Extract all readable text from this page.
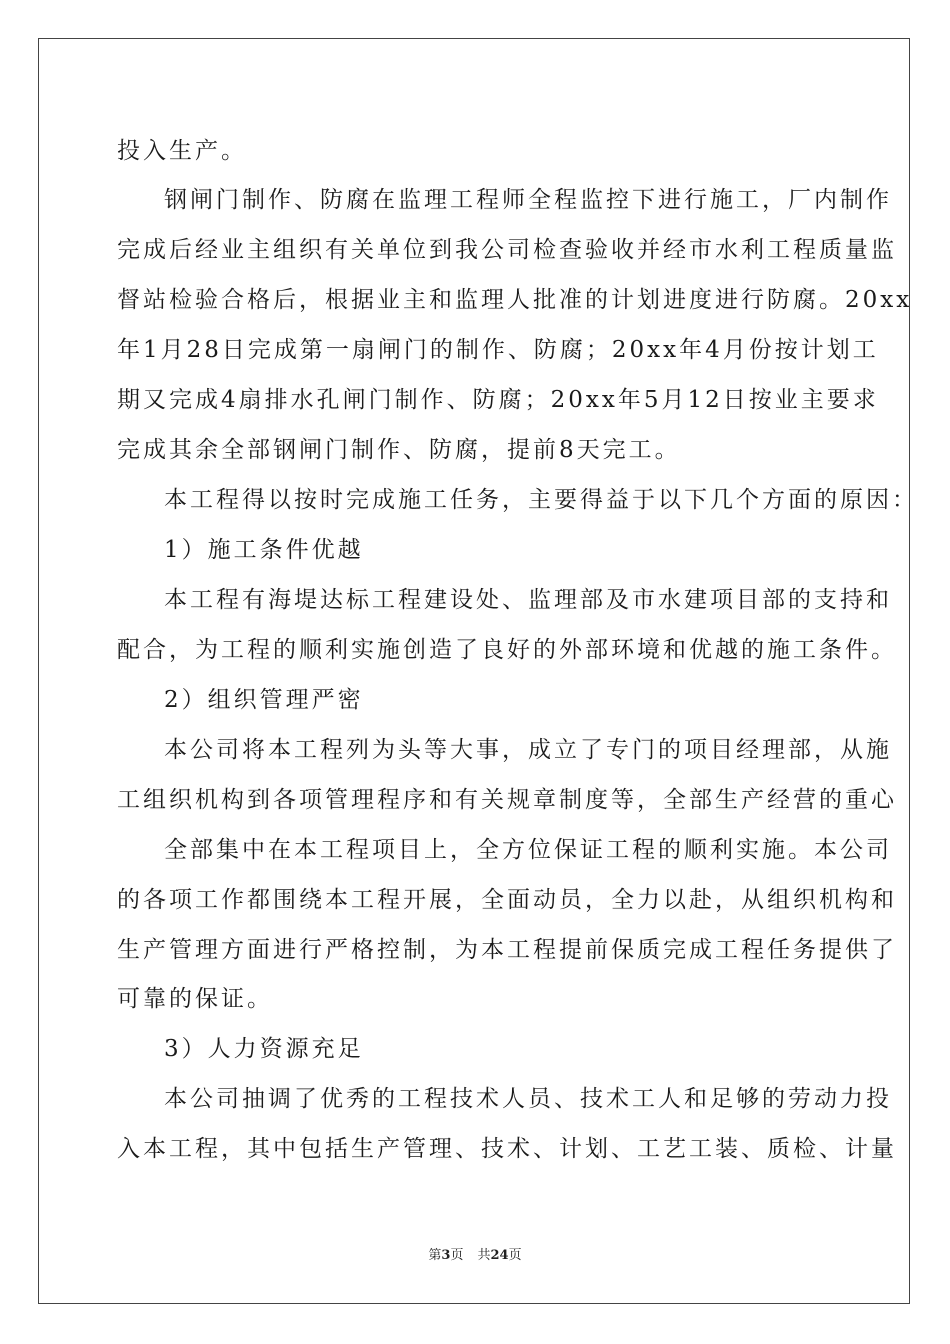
投入生产。
钢闸门制作、防腐在监理工程师全程监控下进行施工，厂内制作
完成后经业主组织有关单位到我公司检查验收并经市水利工程质量监
督站检验合格后，根据业主和监理人批准的计划进度进行防腐。20xx
年1月28日完成第一扇闸门的制作、防腐；20xx年4月份按计划工
期又完成4扇排水孔闸门制作、防腐；20xx年5月12日按业主要求
完成其余全部钢闸门制作、防腐，提前8天完工。
本工程得以按时完成施工任务，主要得益于以下几个方面的原因：
1）施工条件优越
本工程有海堤达标工程建设处、监理部及市水建项目部的支持和
配合，为工程的顺利实施创造了良好的外部环境和优越的施工条件。
2）组织管理严密
本公司将本工程列为头等大事，成立了专门的项目经理部，从施
工组织机构到各项管理程序和有关规章制度等，全部生产经营的重心
全部集中在本工程项目上，全方位保证工程的顺利实施。本公司
的各项工作都围绕本工程开展，全面动员，全力以赴，从组织机构和
生产管理方面进行严格控制，为本工程提前保质完成工程任务提供了
可靠的保证。
3）人力资源充足
本公司抽调了优秀的工程技术人员、技术工人和足够的劳动力投
入本工程，其中包括生产管理、技术、计划、工艺工装、质检、计量
第3页 共24页
